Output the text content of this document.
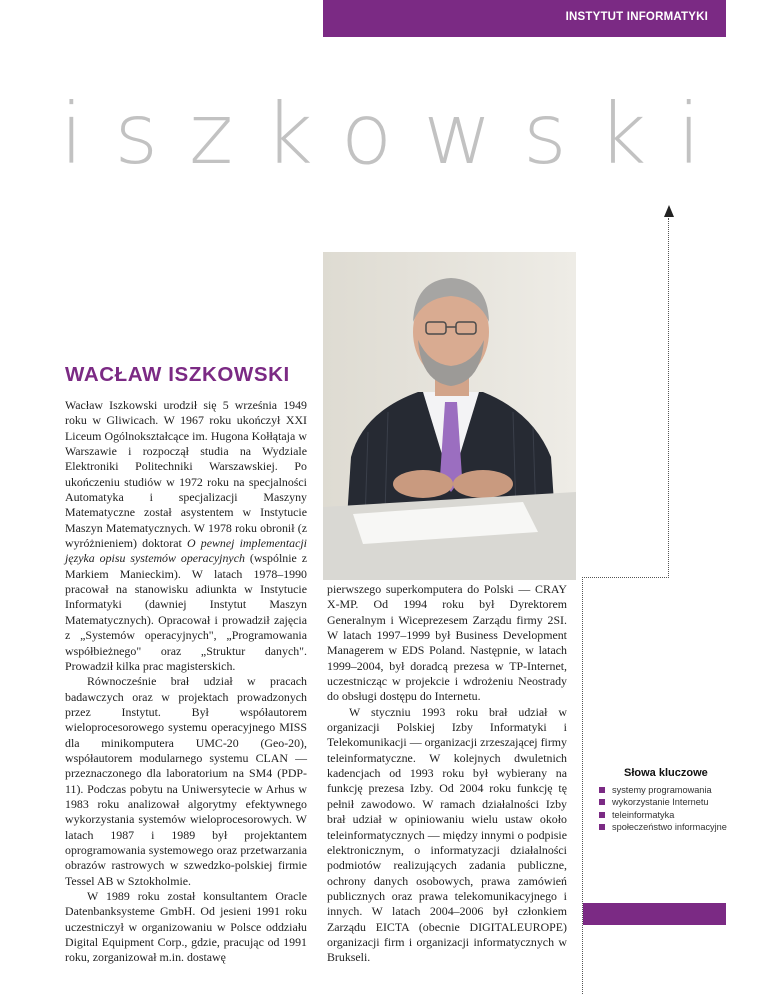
INSTYTUT INFORMATYKI
iszkowski
WACŁAW ISZKOWSKI

Wacław Iszkowski urodził się 5 września 1949 roku w Gliwicach. W 1967 roku ukończył XXI Liceum Ogólnokształcące im. Hugona Kołłątaja w Warszawie i rozpoczął studia na Wydziale Elektroniki Politechniki Warszawskiej. Po ukończeniu studiów w 1972 roku na specjalności Automatyka i specjalizacji Maszyny Matematyczne został asystentem w Instytucie Maszyn Matematycznych. W 1978 roku obronił (z wyróżnieniem) doktorat O pewnej implementacji języka opisu systemów operacyjnych (wspólnie z Markiem Manieckim). W latach 1978–1990 pracował na stanowisku adiunkta w Instytucie Informatyki (dawniej Instytut Maszyn Matematycznych). Opracował i prowadził zajęcia z „Systemów operacyjnych", „Programowania współbieżnego" oraz „Struktur danych". Prowadził kilka prac magisterskich.

Równocześnie brał udział w pracach badawczych oraz w projektach prowadzonych przez Instytut. Był współautorem wieloprocesorowego systemu operacyjnego MISS dla minikomputera UMC-20 (Geo-20), współautorem modularnego systemu CLAN — przeznaczonego dla laboratorium na SM4 (PDP-11). Podczas pobytu na Uniwersytecie w Arhus w 1983 roku analizował algorytmy efektywnego wykorzystania systemów wieloprocesorowych. W latach 1987 i 1989 był projektantem oprogramowania systemowego oraz przetwarzania obrazów rastrowych w szwedzko-polskiej firmie Tessel AB w Sztokholmie.

W 1989 roku został konsultantem Oracle Datenbanksysteme GmbH. Od jesieni 1991 roku uczestniczył w organizowaniu w Polsce oddziału Digital Equipment Corp., gdzie, pracując od 1991 roku, zorganizował m.in. dostawę

pierwszego superkomputera do Polski — CRAY X-MP. Od 1994 roku był Dyrektorem Generalnym i Wiceprezesem Zarządu firmy 2SI. W latach 1997–1999 był Business Development Managerem w EDS Poland. Następnie, w latach 1999–2004, był doradcą prezesa w TP-Internet, uczestnicząc w projekcie i wdrożeniu Neostrady do obsługi dostępu do Internetu.

W styczniu 1993 roku brał udział w organizacji Polskiej Izby Informatyki i Telekomunikacji — organizacji zrzeszającej firmy teleinformatyczne. W kolejnych dwuletnich kadencjach od 1993 roku był wybierany na funkcję prezesa Izby. Od 2004 roku funkcję tę pełnił zawodowo. W ramach działalności Izby brał udział w opiniowaniu wielu ustaw około teleinformatycznych — między innymi o podpisie elektronicznym, o informatyzacji działalności podmiotów realizujących zadania publiczne, ochrony danych osobowych, prawa zamówień publicznych oraz prawa telekomunikacyjnego i innych. W latach 2004–2006 był członkiem Zarządu EICTA (obecnie DIGITALEUROPE) organizacji firm i organizacji informatycznych w Brukseli.

Słowa kluczowe
systemy programowania
wykorzystanie Internetu
teleinformatyka
społeczeństwo informacyjne
